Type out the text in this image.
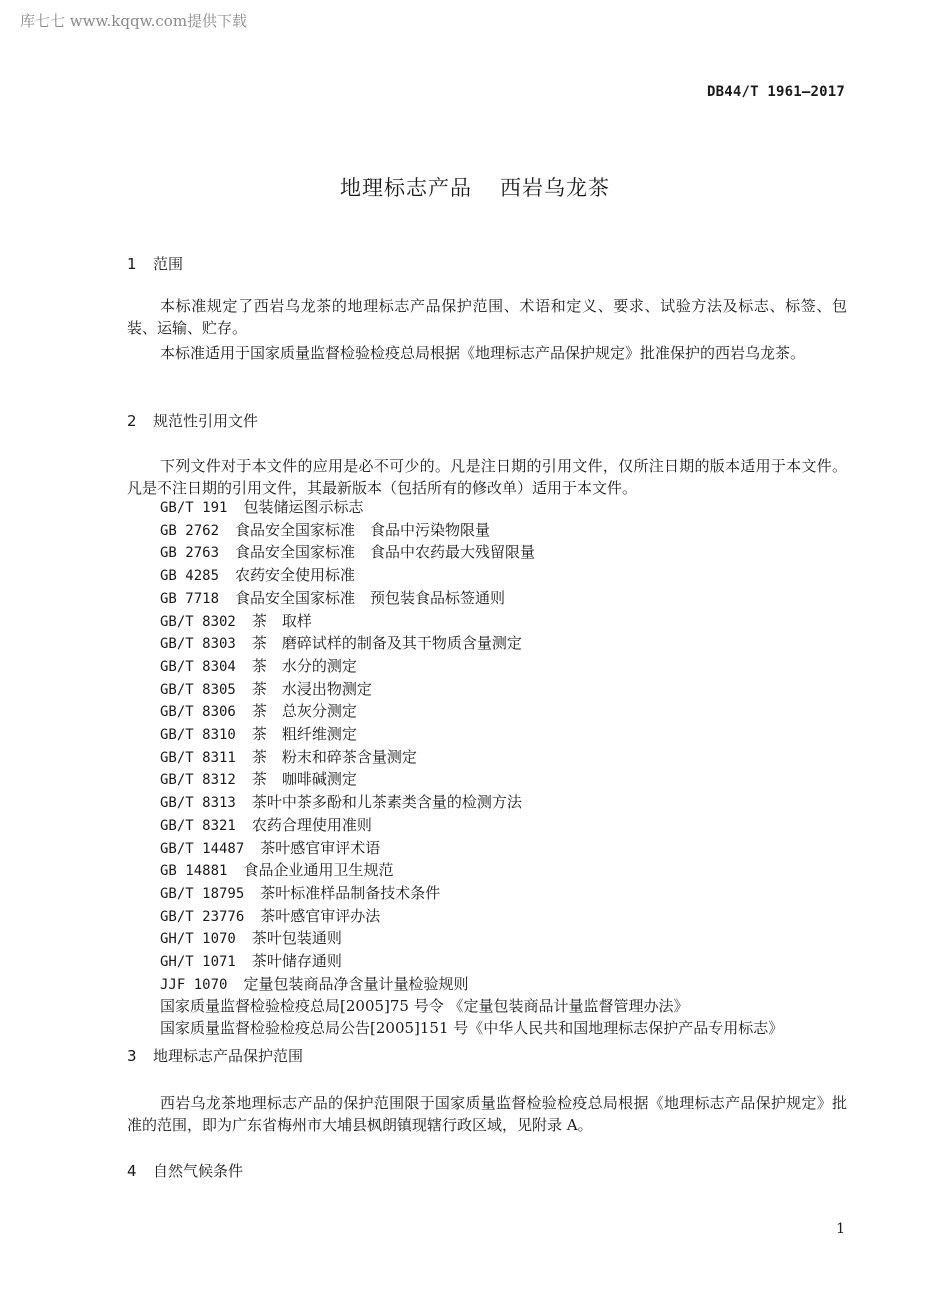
库七七 www.kqqw.com提供下载
DB44/T 1961—2017
地理标志产品 西岩乌龙茶
1 范围
本标准规定了西岩乌龙茶的地理标志产品保护范围、术语和定义、要求、试验方法及标志、标签、包装、运输、贮存。
本标准适用于国家质量监督检验检疫总局根据《地理标志产品保护规定》批准保护的西岩乌龙茶。
2 规范性引用文件
下列文件对于本文件的应用是必不可少的。凡是注日期的引用文件，仅所注日期的版本适用于本文件。凡是不注日期的引用文件，其最新版本（包括所有的修改单）适用于本文件。
GB/T 191 包装储运图示标志
GB 2762 食品安全国家标准　食品中污染物限量
GB 2763 食品安全国家标准　食品中农药最大残留限量
GB 4285 农药安全使用标准
GB 7718 食品安全国家标准　预包装食品标签通则
GB/T 8302 茶　取样
GB/T 8303 茶　磨碎试样的制备及其干物质含量测定
GB/T 8304 茶　水分的测定
GB/T 8305 茶　水浸出物测定
GB/T 8306 茶　总灰分测定
GB/T 8310 茶　粗纤维测定
GB/T 8311 茶　粉末和碎茶含量测定
GB/T 8312 茶　咖啡碱测定
GB/T 8313 茶叶中茶多酚和儿茶素类含量的检测方法
GB/T 8321 农药合理使用准则
GB/T 14487 茶叶感官审评术语
GB 14881 食品企业通用卫生规范
GB/T 18795 茶叶标准样品制备技术条件
GB/T 23776 茶叶感官审评办法
GH/T 1070 茶叶包装通则
GH/T 1071 茶叶储存通则
JJF 1070 定量包装商品净含量计量检验规则
国家质量监督检验检疫总局[2005]75 号令 《定量包装商品计量监督管理办法》
国家质量监督检验检疫总局公告[2005]151 号《中华人民共和国地理标志保护产品专用标志》
3 地理标志产品保护范围
西岩乌龙茶地理标志产品的保护范围限于国家质量监督检验检疫总局根据《地理标志产品保护规定》批准的范围，即为广东省梅州市大埔县枫朗镇现辖行政区域，见附录 A。
4 自然气候条件
1
